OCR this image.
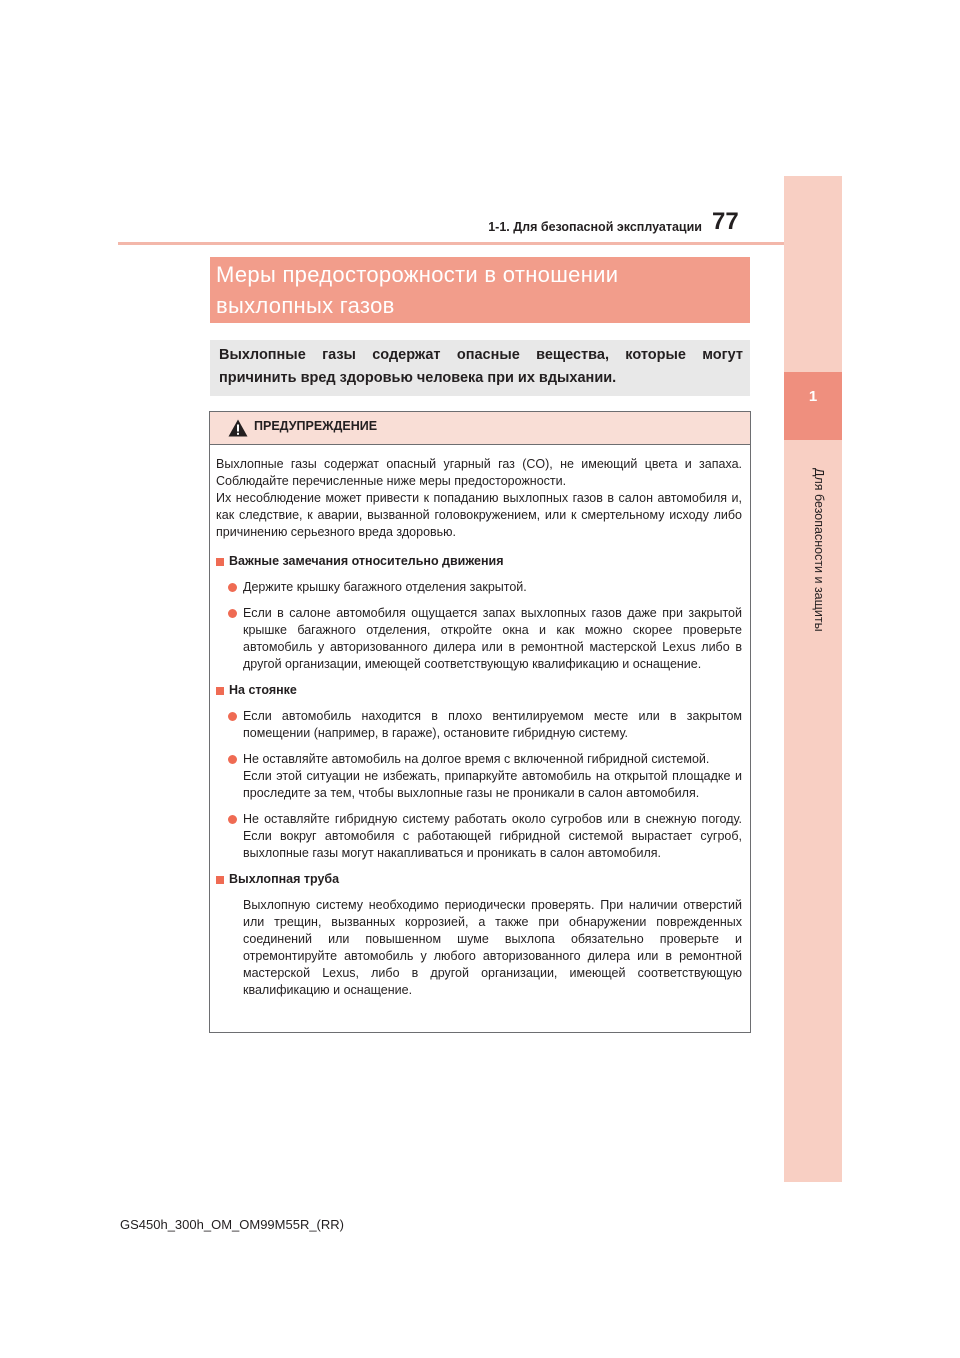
1
Для безопасности и защиты
1-1. Для безопасной эксплуатации 77
Меры предосторожности в отношении
выхлопных газов
Выхлопные газы содержат опасные вещества, которые могут причинить вред здоровью человека при их вдыхании.
ПРЕДУПРЕЖДЕНИЕ

Выхлопные газы содержат опасный угарный газ (CO), не имеющий цвета и запаха. Соблюдайте перечисленные ниже меры предосторожности.

Их несоблюдение может привести к попаданию выхлопных газов в салон автомобиля и, как следствие, к аварии, вызванной головокружением, или к смертельному исходу либо причинению серьезного вреда здоровью.

Важные замечания относительно движения

Держите крышку багажного отделения закрытой.

Если в салоне автомобиля ощущается запах выхлопных газов даже при закрытой крышке багажного отделения, откройте окна и как можно скорее проверьте автомобиль у авторизованного дилера или в ремонтной мастерской Lexus либо в другой организации, имеющей соответствующую квалификацию и оснащение.

На стоянке

Если автомобиль находится в плохо вентилируемом месте или в закрытом помещении (например, в гараже), остановите гибридную систему.

Не оставляйте автомобиль на долгое время с включенной гибридной системой.

Если этой ситуации не избежать, припаркуйте автомобиль на открытой площадке и проследите за тем, чтобы выхлопные газы не проникали в салон автомобиля.

Не оставляйте гибридную систему работать около сугробов или в снежную погоду. Если вокруг автомобиля с работающей гибридной системой вырастает сугроб, выхлопные газы могут накапливаться и проникать в салон автомобиля.

Выхлопная труба

Выхлопную систему необходимо периодически проверять. При наличии отверстий или трещин, вызванных коррозией, а также при обнаружении поврежденных соединений или повышенном шуме выхлопа обязательно проверьте и отремонтируйте автомобиль у любого авторизованного дилера или в ремонтной мастерской Lexus, либо в другой организации, имеющей соответствующую квалификацию и оснащение.

GS450h_300h_OM_OM99M55R_(RR)
